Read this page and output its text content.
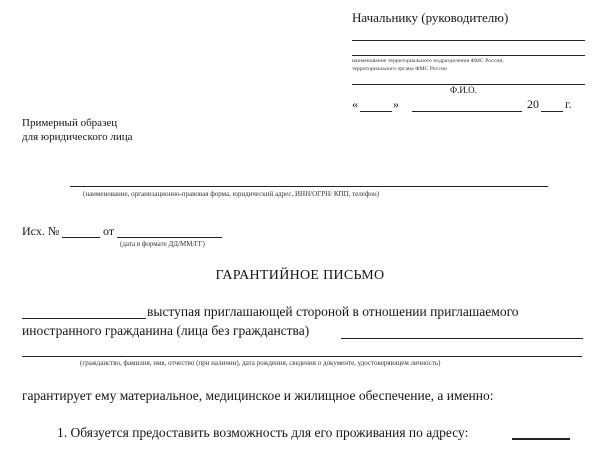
Начальнику (руководителю)
наименование территориального подразделения ФМС России,
территориального органа ФМС России
Ф.И.О.
«	»	20 г.
Примерный образец
для юридического лица
(наименование, организационно-правовая форма, юридический адрес, ИНН/ОГРН/ КПП, телефон)
Исх. №	от
(дата в формате ДД/ММ/ГГ)
ГАРАНТИЙНОЕ ПИСЬМО
выступая приглашающей стороной в отношении приглашаемого
иностранного гражданина (лица без гражданства)
(гражданство, фамилия, имя, отчество (при наличии), дата рождения, сведения о документе, удостоверяющем личность)
гарантирует ему материальное, медицинское и жилищное обеспечение, а именно:
1. Обязуется предоставить возможность для его проживания по адресу:
